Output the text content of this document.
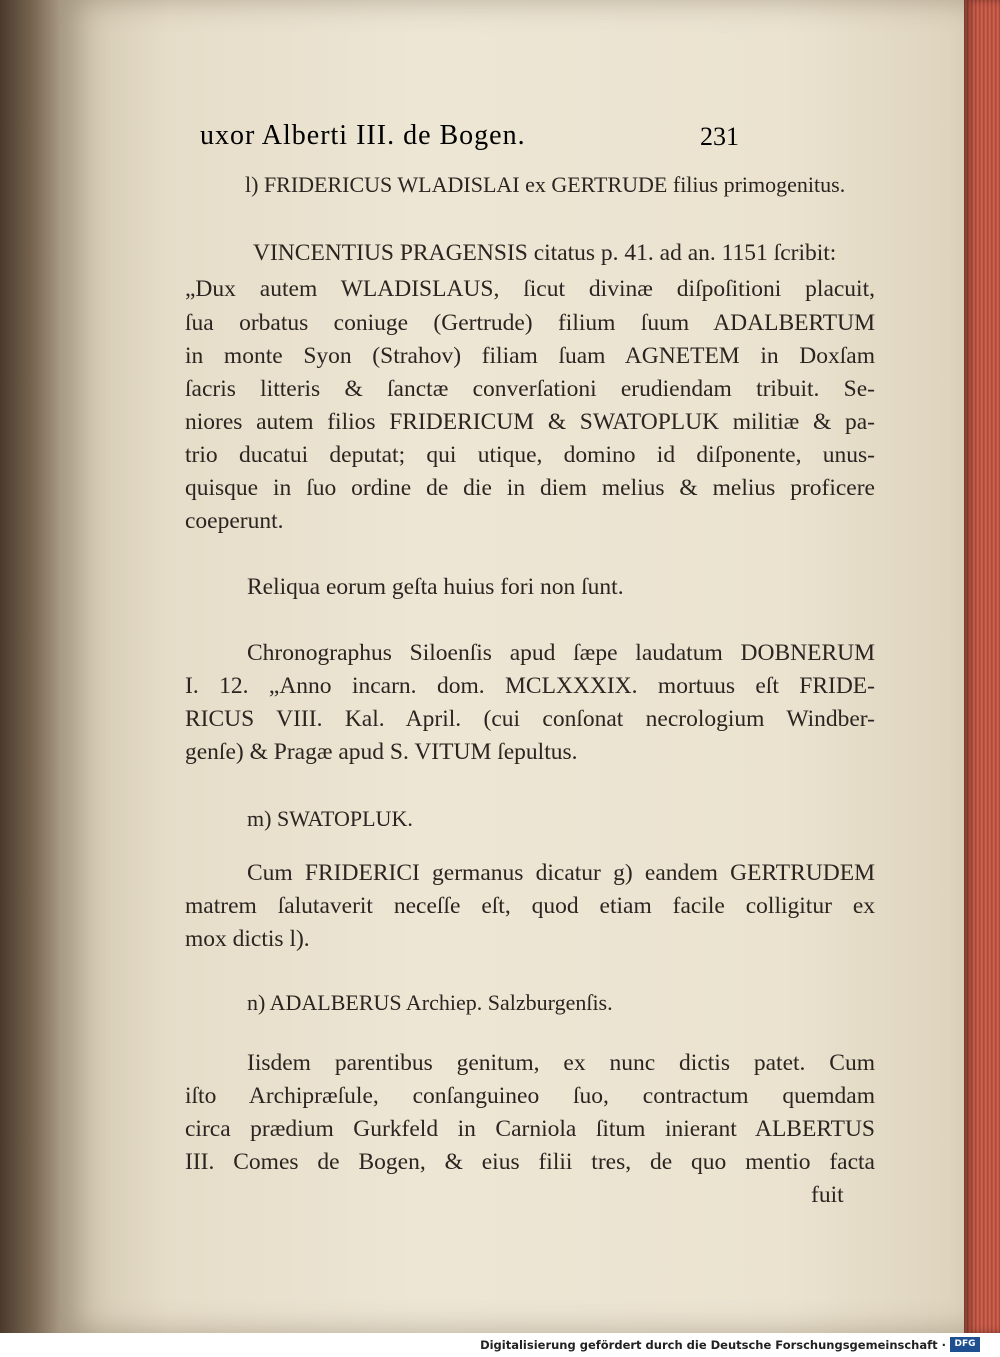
uxor Alberti III. de Bogen.	231
l) FRIDERICUS WLADISLAI ex GERTRUDE filius primogenitus.
VINCENTIUS PRAGENSIS citatus p. 41. ad an. 1151 ſcribit:
„Dux autem WLADISLAUS, ſicut divinæ diſpoſitioni placuit,
ſua orbatus coniuge (Gertrude) filium ſuum ADALBERTUM
in monte Syon (Strahov) filiam ſuam AGNETEM in Doxſam
ſacris litteris & ſanctæ converſationi erudiendam tribuit. Se-
niores autem filios FRIDERICUM & SWATOPLUK militiæ & pa-
trio ducatui deputat; qui utique, domino id diſponente, unus-
quisque in ſuo ordine de die in diem melius & melius proficere
coeperunt.
Reliqua eorum geſta huius fori non ſunt.
Chronographus Siloenſis apud ſæpe laudatum DOBNERUM
I. 12. „Anno incarn. dom. MCLXXXIX. mortuus eſt FRIDE-
RICUS VIII. Kal. April. (cui conſonat necrologium Windber-
genſe) & Pragæ apud S. VITUM ſepultus.
m) SWATOPLUK.
Cum FRIDERICI germanus dicatur g) eandem GERTRUDEM
matrem ſalutaverit neceſſe eſt, quod etiam facile colligitur ex
mox dictis l).
n) ADALBERUS Archiep. Salzburgenſis.
Iisdem parentibus genitum, ex nunc dictis patet. Cum
iſto Archipræſule, conſanguineo ſuo, contractum quemdam
circa prædium Gurkfeld in Carniola ſitum inierant ALBERTUS
III. Comes de Bogen, & eius filii tres, de quo mentio facta
fuit
Digitalisierung gefördert durch die Deutsche Forschungsgemeinschaft · DFG
